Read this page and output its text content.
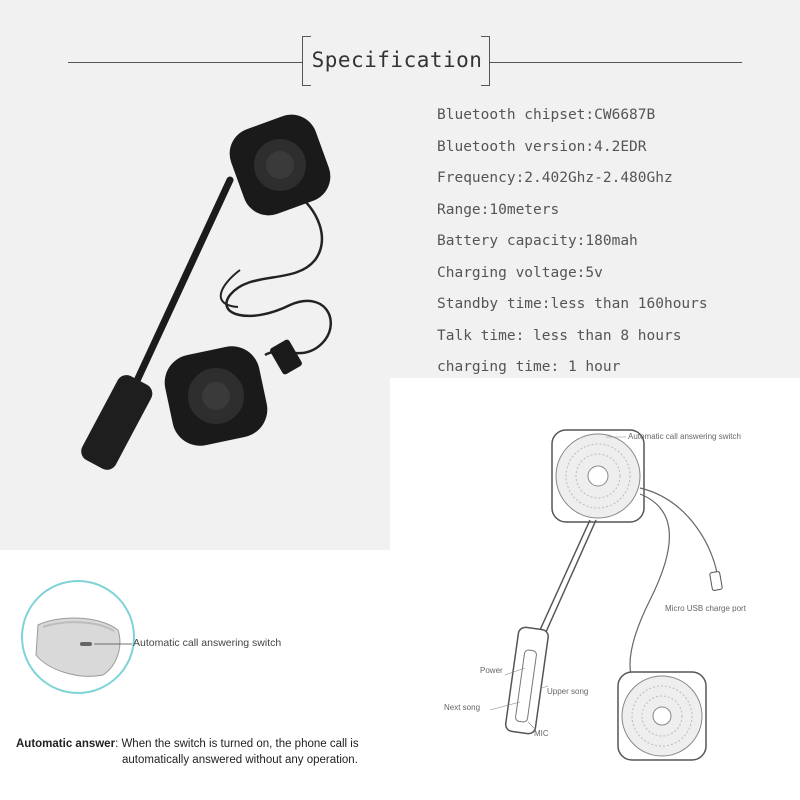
Specification
Bluetooth chipset:CW6687B
Bluetooth version:4.2EDR
Frequency:2.402Ghz-2.480Ghz
Range:10meters
Battery capacity:180mah
Charging voltage:5v
Standby time:less than 160hours
Talk time: less than 8 hours
charging time: 1 hour
Automatic call answering switch
Automatic answer: When the switch is turned on, the phone call is
automatically answered without any operation.
Automatic call answering switch
Micro USB charge port
Power
Upper song
Next song
MIC
